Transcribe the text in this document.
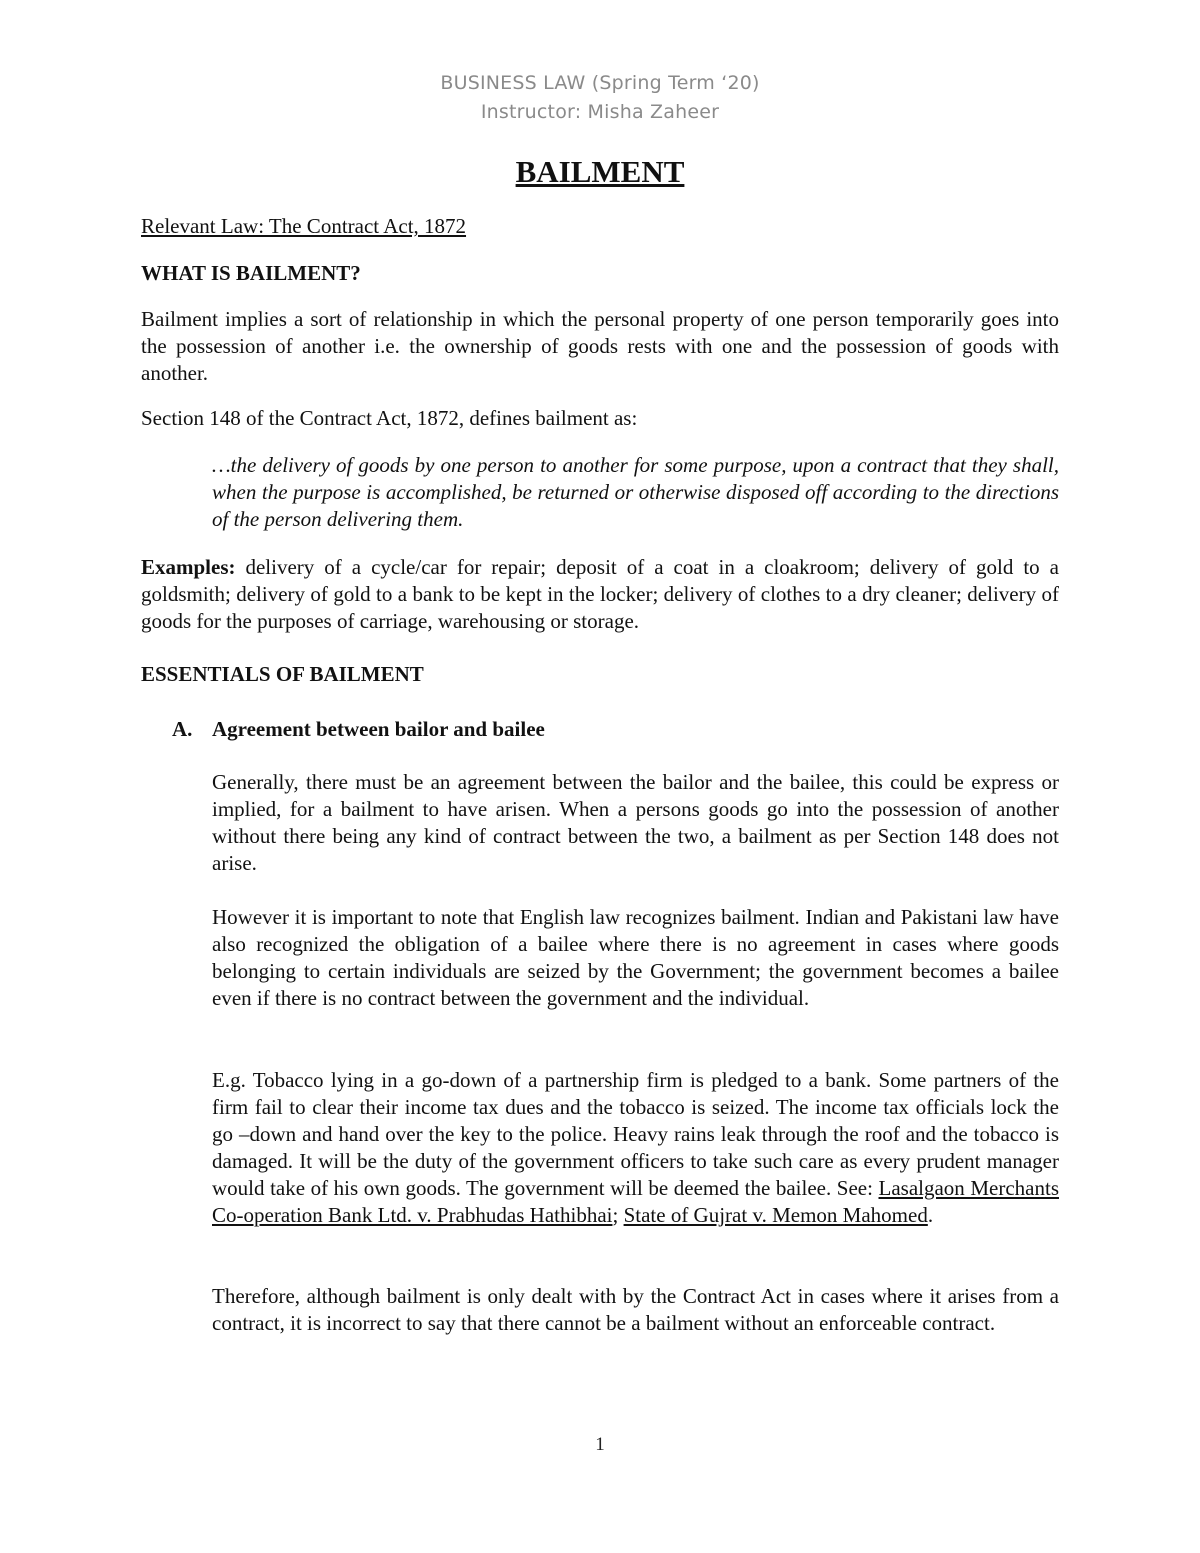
BUSINESS LAW (Spring Term ‘20)

Instructor: Misha Zaheer

BAILMENT
Relevant Law: The Contract Act, 1872
WHAT IS BAILMENT?

Bailment implies a sort of relationship in which the personal property of one person temporarily goes into the possession of another i.e. the ownership of goods rests with one and the possession of goods with another.

Section 148 of the Contract Act, 1872, defines bailment as:

…the delivery of goods by one person to another for some purpose, upon a contract that they shall, when the purpose is accomplished, be returned or otherwise disposed off according to the directions of the person delivering them.

Examples: delivery of a cycle/car for repair; deposit of a coat in a cloakroom; delivery of gold to a goldsmith; delivery of gold to a bank to be kept in the locker; delivery of clothes to a dry cleaner; delivery of goods for the purposes of carriage, warehousing or storage.

ESSENTIALS OF BAILMENT
A. Agreement between bailor and bailee

Generally, there must be an agreement between the bailor and the bailee, this could be express or implied, for a bailment to have arisen. When a persons goods go into the possession of another without there being any kind of contract between the two, a bailment as per Section 148 does not arise.

However it is important to note that English law recognizes bailment. Indian and Pakistani law have also recognized the obligation of a bailee where there is no agreement in cases where goods belonging to certain individuals are seized by the Government; the government becomes a bailee even if there is no contract between the government and the individual.

E.g. Tobacco lying in a go-down of a partnership firm is pledged to a bank. Some partners of the firm fail to clear their income tax dues and the tobacco is seized. The income tax officials lock the go –down and hand over the key to the police. Heavy rains leak through the roof and the tobacco is damaged. It will be the duty of the government officers to take such care as every prudent manager would take of his own goods. The government will be deemed the bailee. See: Lasalgaon Merchants Co-operation Bank Ltd. v. Prabhudas Hathibhai; State of Gujrat v. Memon Mahomed.

Therefore, although bailment is only dealt with by the Contract Act in cases where it arises from a contract, it is incorrect to say that there cannot be a bailment without an enforceable contract.

1
